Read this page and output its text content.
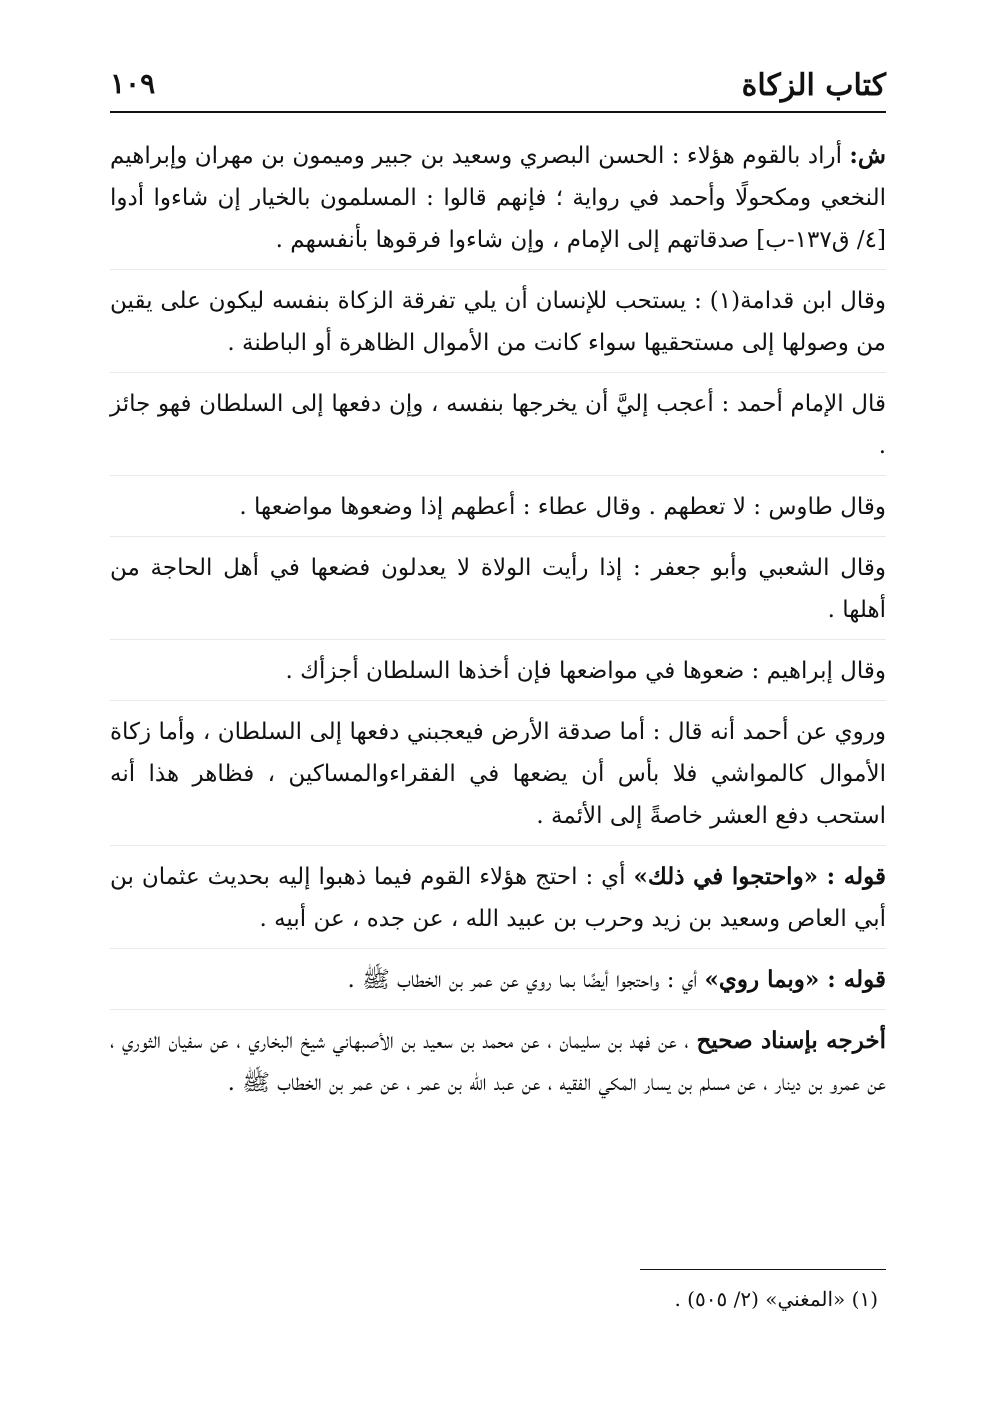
كتاب الزكاة
١٠٩

ش: أراد بالقوم هؤلاء : الحسن البصري وسعيد بن جبير وميمون بن مهران وإبراهيم النخعي ومكحولًا وأحمد في رواية ؛ فإنهم قالوا : المسلمون بالخيار إن شاءوا أدوا [٤/ ق١٣٧-ب] صدقاتهم إلى الإمام ، وإن شاءوا فرقوها بأنفسهم .

وقال ابن قدامة(١) : يستحب للإنسان أن يلي تفرقة الزكاة بنفسه ليكون على يقين من وصولها إلى مستحقيها سواء كانت من الأموال الظاهرة أو الباطنة .

قال الإمام أحمد : أعجب إليَّ أن يخرجها بنفسه ، وإن دفعها إلى السلطان فهو جائز .

وقال طاوس : لا تعطهم . وقال عطاء : أعطهم إذا وضعوها مواضعها .

وقال الشعبي وأبو جعفر : إذا رأيت الولاة لا يعدلون فضعها في أهل الحاجة من أهلها .

وقال إبراهيم : ضعوها في مواضعها فإن أخذها السلطان أجزأك .

وروي عن أحمد أنه قال : أما صدقة الأرض فيعجبني دفعها إلى السلطان ، وأما زكاة الأموال كالمواشي فلا بأس أن يضعها في الفقراءوالمساكين ، فظاهر هذا أنه استحب دفع العشر خاصةً إلى الأئمة .

قوله : «واحتجوا في ذلك» أي : احتج هؤلاء القوم فيما ذهبوا إليه بحديث عثمان بن أبي العاص وسعيد بن زيد وحرب بن عبيد الله ، عن جده ، عن أبيه .

قوله : «وبما روي» أي : واحتجوا أيضًا بما روي عن عمر بن الخطاب ﷺ .

أخرجه بإسناد صحيح ، عن فهد بن سليمان ، عن محمد بن سعيد بن الأصبهاني شيخ البخاري ، عن سفيان الثوري ، عن عمرو بن دينار ، عن مسلم بن يسار المكي الفقيه ، عن عبد الله بن عمر ، عن عمر بن الخطاب ﷺ .

(١) «المغني» (٢/ ٥٠٥) .
